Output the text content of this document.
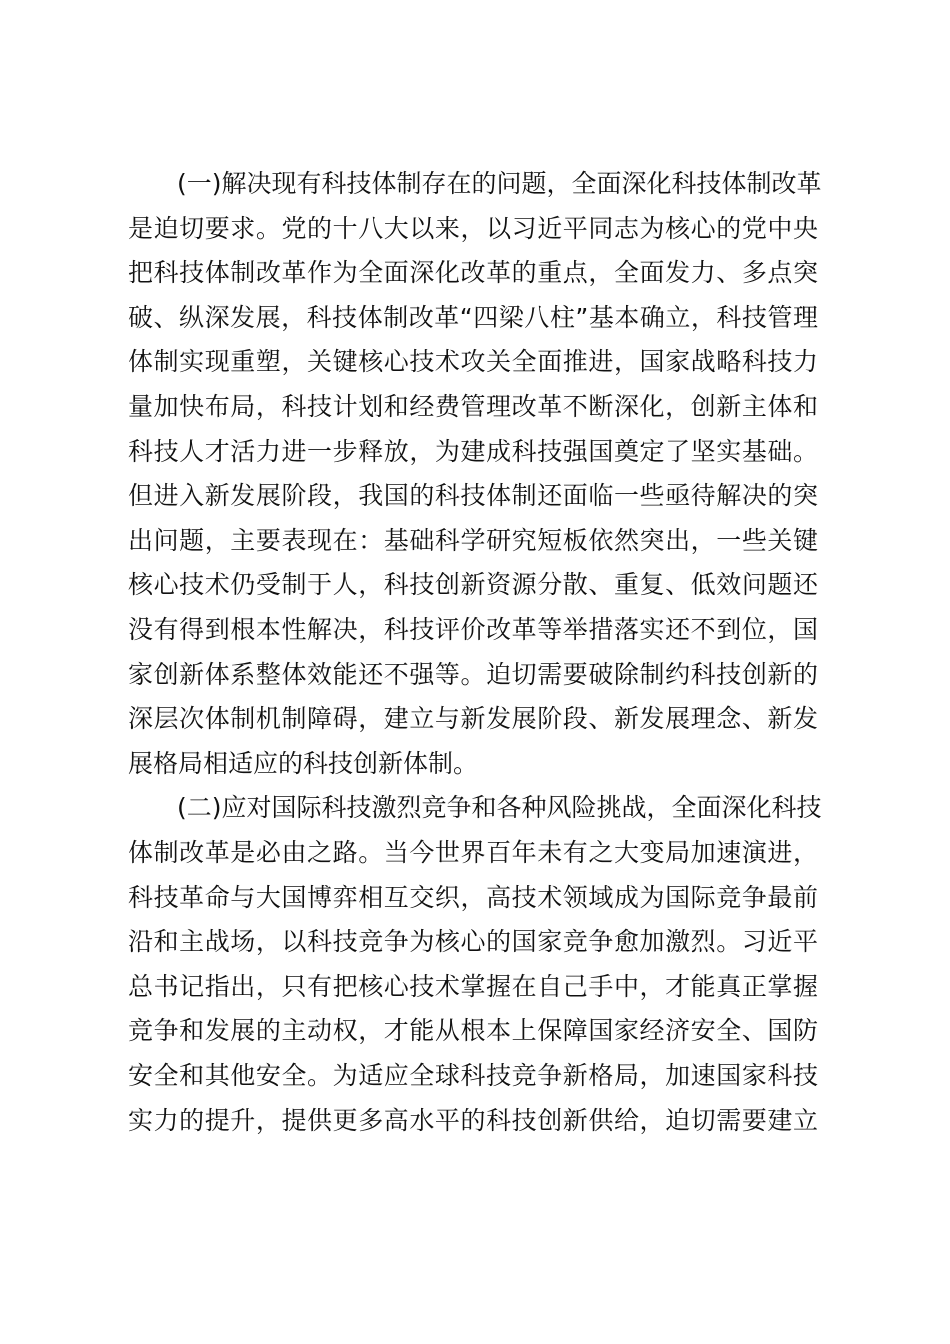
(一)解决现有科技体制存在的问题，全面深化科技体制改革
是迫切要求。党的十八大以来，以习近平同志为核心的党中央
把科技体制改革作为全面深化改革的重点，全面发力、多点突
破、纵深发展，科技体制改革“四梁八柱”基本确立，科技管理
体制实现重塑，关键核心技术攻关全面推进，国家战略科技力
量加快布局，科技计划和经费管理改革不断深化，创新主体和
科技人才活力进一步释放，为建成科技强国奠定了坚实基础。
但进入新发展阶段，我国的科技体制还面临一些亟待解决的突
出问题，主要表现在：基础科学研究短板依然突出，一些关键
核心技术仍受制于人，科技创新资源分散、重复、低效问题还
没有得到根本性解决，科技评价改革等举措落实还不到位，国
家创新体系整体效能还不强等。迫切需要破除制约科技创新的
深层次体制机制障碍，建立与新发展阶段、新发展理念、新发
展格局相适应的科技创新体制。
(二)应对国际科技激烈竞争和各种风险挑战，全面深化科技
体制改革是必由之路。当今世界百年未有之大变局加速演进，
科技革命与大国博弈相互交织，高技术领域成为国际竞争最前
沿和主战场，以科技竞争为核心的国家竞争愈加激烈。习近平
总书记指出，只有把核心技术掌握在自己手中，才能真正掌握
竞争和发展的主动权，才能从根本上保障国家经济安全、国防
安全和其他安全。为适应全球科技竞争新格局，加速国家科技
实力的提升，提供更多高水平的科技创新供给，迫切需要建立
